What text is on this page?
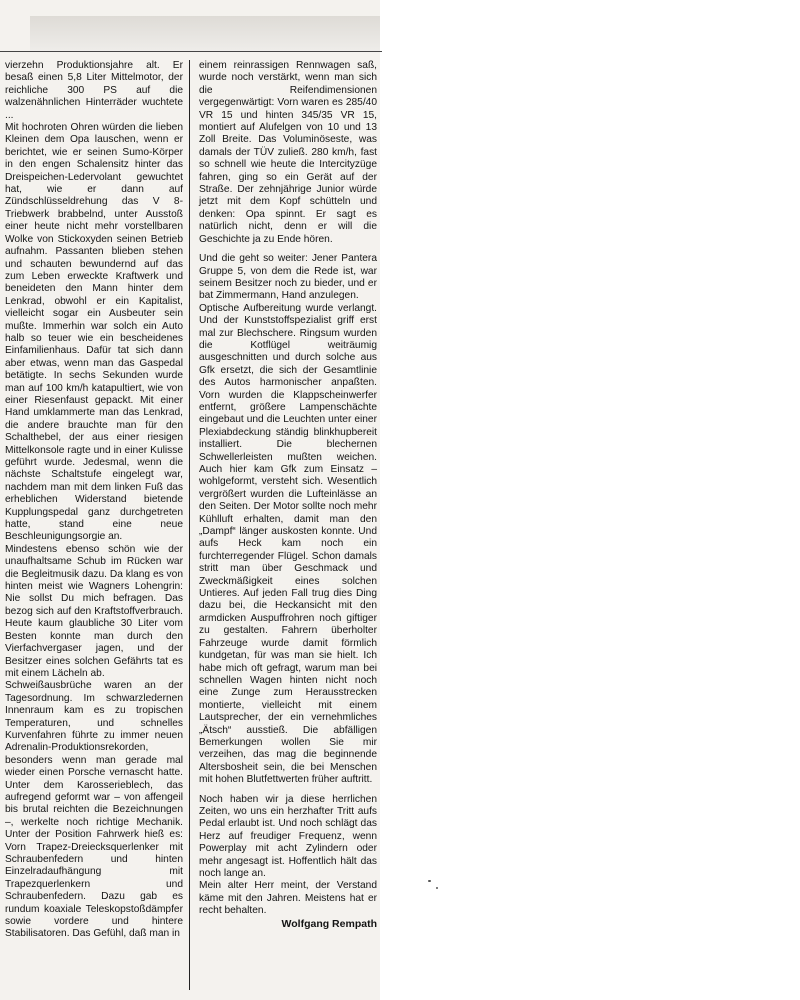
vierzehn Produktionsjahre alt. Er besaß einen 5,8 Liter Mittelmotor, der reichliche 300 PS auf die walzenähnlichen Hinterräder wuchtete ...

Mit hochroten Ohren würden die lieben Kleinen dem Opa lauschen, wenn er berichtet, wie er seinen Sumo-Körper in den engen Schalensitz hinter das Dreispeichen-Ledervolant gewuchtet hat, wie er dann auf Zündschlüsseldrehung das V 8-Triebwerk brabbelnd, unter Ausstoß einer heute nicht mehr vorstellbaren Wolke von Stickoxyden seinen Betrieb aufnahm. Passanten blieben stehen und schauten bewundernd auf das zum Leben erweckte Kraftwerk und beneideten den Mann hinter dem Lenkrad, obwohl er ein Kapitalist, vielleicht sogar ein Ausbeuter sein mußte. Immerhin war solch ein Auto halb so teuer wie ein bescheidenes Einfamilienhaus. Dafür tat sich dann aber etwas, wenn man das Gaspedal betätigte. In sechs Sekunden wurde man auf 100 km/h katapultiert, wie von einer Riesenfaust gepackt. Mit einer Hand umklammerte man das Lenkrad, die andere brauchte man für den Schalthebel, der aus einer riesigen Mittelkonsole ragte und in einer Kulisse geführt wurde. Jedesmal, wenn die nächste Schaltstufe eingelegt war, nachdem man mit dem linken Fuß das erheblichen Widerstand bietende Kupplungspedal ganz durchgetreten hatte, stand eine neue Beschleunigungsorgie an.

Mindestens ebenso schön wie der unaufhaltsame Schub im Rücken war die Begleitmusik dazu. Da klang es von hinten meist wie Wagners Lohengrin: Nie sollst Du mich befragen. Das bezog sich auf den Kraftstoffverbrauch. Heute kaum glaubliche 30 Liter vom Besten konnte man durch den Vierfachvergaser jagen, und der Besitzer eines solchen Gefährts tat es mit einem Lächeln ab.

Schweißausbrüche waren an der Tagesordnung. Im schwarzledernen Innenraum kam es zu tropischen Temperaturen, und schnelles Kurvenfahren führte zu immer neuen Adrenalin-Produktionsrekorden, besonders wenn man gerade mal wieder einen Porsche vernascht hatte. Unter dem Karosserieblech, das aufregend geformt war – von affengeil bis brutal reichten die Bezeichnungen –, werkelte noch richtige Mechanik. Unter der Position Fahrwerk hieß es: Vorn Trapez-Dreiecksquerlenker mit Schraubenfedern und hinten Einzelradaufhängung mit Trapezquerlenkern und Schraubenfedern. Dazu gab es rundum koaxiale Teleskopstoßdämpfer sowie vordere und hintere Stabilisatoren. Das Gefühl, daß man in

einem reinrassigen Rennwagen saß, wurde noch verstärkt, wenn man sich die Reifendimensionen vergegenwärtigt: Vorn waren es 285/40 VR 15 und hinten 345/35 VR 15, montiert auf Alufelgen von 10 und 13 Zoll Breite. Das Voluminöseste, was damals der TÜV zuließ. 280 km/h, fast so schnell wie heute die Intercityzüge fahren, ging so ein Gerät auf der Straße. Der zehnjährige Junior würde jetzt mit dem Kopf schütteln und denken: Opa spinnt. Er sagt es natürlich nicht, denn er will die Geschichte ja zu Ende hören.

Und die geht so weiter: Jener Pantera Gruppe 5, von dem die Rede ist, war seinem Besitzer noch zu bieder, und er bat Zimmermann, Hand anzulegen.

Optische Aufbereitung wurde verlangt. Und der Kunststoffspezialist griff erst mal zur Blechschere. Ringsum wurden die Kotflügel weiträumig ausgeschnitten und durch solche aus Gfk ersetzt, die sich der Gesamtlinie des Autos harmonischer anpaßten. Vorn wurden die Klappscheinwerfer entfernt, größere Lampenschächte eingebaut und die Leuchten unter einer Plexiabdeckung ständig blinkhupbereit installiert. Die blechernen Schwellerleisten mußten weichen. Auch hier kam Gfk zum Einsatz – wohlgeformt, versteht sich. Wesentlich vergrößert wurden die Lufteinlässe an den Seiten. Der Motor sollte noch mehr Kühlluft erhalten, damit man den „Dampf“ länger auskosten konnte. Und aufs Heck kam noch ein furchterregender Flügel. Schon damals stritt man über Geschmack und Zweckmäßigkeit eines solchen Untieres. Auf jeden Fall trug dies Ding dazu bei, die Heckansicht mit den armdicken Auspuffrohren noch giftiger zu gestalten. Fahrern überholter Fahrzeuge wurde damit förmlich kundgetan, für was man sie hielt. Ich habe mich oft gefragt, warum man bei schnellen Wagen hinten nicht noch eine Zunge zum Herausstrecken montierte, vielleicht mit einem Lautsprecher, der ein vernehmliches „Ätsch“ ausstieß. Die abfälligen Bemerkungen wollen Sie mir verzeihen, das mag die beginnende Altersbosheit sein, die bei Menschen mit hohen Blutfettwerten früher auftritt.

Noch haben wir ja diese herrlichen Zeiten, wo uns ein herzhafter Tritt aufs Pedal erlaubt ist. Und noch schlägt das Herz auf freudiger Frequenz, wenn Powerplay mit acht Zylindern oder mehr angesagt ist. Hoffentlich hält das noch lange an.

Mein alter Herr meint, der Verstand käme mit den Jahren. Meistens hat er recht behalten.

Wolfgang Rempath
